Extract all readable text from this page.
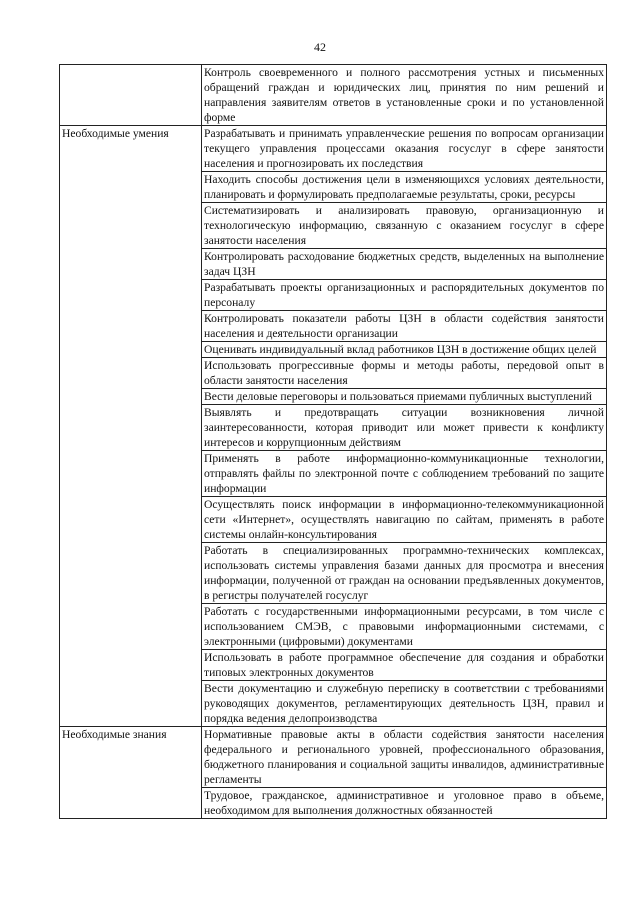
42
	Контроль своевременного и полного рассмотрения устных и письменных обращений граждан и юридических лиц, принятия по ним решений и направления заявителям ответов в установленные сроки и по установленной форме
Необходимые умения	Разрабатывать и принимать управленческие решения по вопросам организации текущего управления процессами оказания госуслуг в сфере занятости населения и прогнозировать их последствия
	Находить способы достижения цели в изменяющихся условиях деятельности, планировать и формулировать предполагаемые результаты, сроки, ресурсы
	Систематизировать и анализировать правовую, организационную и технологическую информацию, связанную с оказанием госуслуг в сфере занятости населения
	Контролировать расходование бюджетных средств, выделенных на выполнение задач ЦЗН
	Разрабатывать проекты организационных и распорядительных документов по персоналу
	Контролировать показатели работы ЦЗН в области содействия занятости населения и деятельности организации
	Оценивать индивидуальный вклад работников ЦЗН в достижение общих целей
	Использовать прогрессивные формы и методы работы, передовой опыт в области занятости населения
	Вести деловые переговоры и пользоваться приемами публичных выступлений
	Выявлять и предотвращать ситуации возникновения личной заинтересованности, которая приводит или может привести к конфликту интересов и коррупционным действиям
	Применять в работе информационно-коммуникационные технологии, отправлять файлы по электронной почте с соблюдением требований по защите информации
	Осуществлять поиск информации в информационно-телекоммуникационной сети «Интернет», осуществлять навигацию по сайтам, применять в работе системы онлайн-консультирования
	Работать в специализированных программно-технических комплексах, использовать системы управления базами данных для просмотра и внесения информации, полученной от граждан на основании предъявленных документов, в регистры получателей госуслуг
	Работать с государственными информационными ресурсами, в том числе с использованием СМЭВ, с правовыми информационными системами, с электронными (цифровыми) документами
	Использовать в работе программное обеспечение для создания и обработки типовых электронных документов
	Вести документацию и служебную переписку в соответствии с требованиями руководящих документов, регламентирующих деятельность ЦЗН, правил и порядка ведения делопроизводства
Необходимые знания	Нормативные правовые акты в области содействия занятости населения федерального и регионального уровней, профессионального образования, бюджетного планирования и социальной защиты инвалидов, административные регламенты
	Трудовое, гражданское, административное и уголовное право в объеме, необходимом для выполнения должностных обязанностей
